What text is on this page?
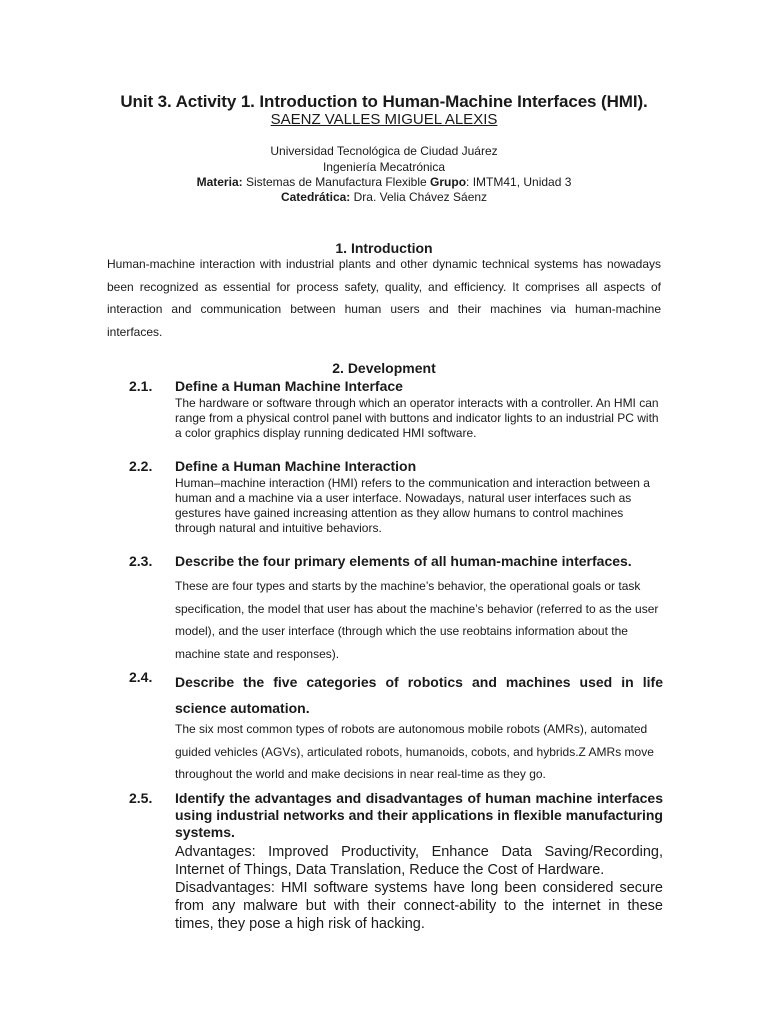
Unit 3. Activity 1. Introduction to Human-Machine Interfaces (HMI).
SAENZ VALLES MIGUEL ALEXIS
Universidad Tecnológica de Ciudad Juárez
Ingeniería Mecatrónica
Materia: Sistemas de Manufactura Flexible Grupo: IMTM41, Unidad 3
Catedrática: Dra. Velia Chávez Sáenz
1. Introduction
Human-machine interaction with industrial plants and other dynamic technical systems has nowadays been recognized as essential for process safety, quality, and efficiency. It comprises all aspects of interaction and communication between human users and their machines via human-machine interfaces.
2. Development
2.1. Define a Human Machine Interface
The hardware or software through which an operator interacts with a controller. An HMI can range from a physical control panel with buttons and indicator lights to an industrial PC with a color graphics display running dedicated HMI software.
2.2. Define a Human Machine Interaction
Human–machine interaction (HMI) refers to the communication and interaction between a human and a machine via a user interface. Nowadays, natural user interfaces such as gestures have gained increasing attention as they allow humans to control machines through natural and intuitive behaviors.
2.3. Describe the four primary elements of all human-machine interfaces.
These are four types and starts by the machine’s behavior, the operational goals or task specification, the model that user has about the machine’s behavior (referred to as the user model), and the user interface (through which the use reobtains information about the machine state and responses).
2.4. Describe the five categories of robotics and machines used in life science automation.
The six most common types of robots are autonomous mobile robots (AMRs), automated guided vehicles (AGVs), articulated robots, humanoids, cobots, and hybrids.Z AMRs move throughout the world and make decisions in near real-time as they go.
2.5. Identify the advantages and disadvantages of human machine interfaces using industrial networks and their applications in flexible manufacturing systems.
Advantages: Improved Productivity, Enhance Data Saving/Recording, Internet of Things, Data Translation, Reduce the Cost of Hardware.
Disadvantages: HMI software systems have long been considered secure from any malware but with their connect-ability to the internet in these times, they pose a high risk of hacking.
